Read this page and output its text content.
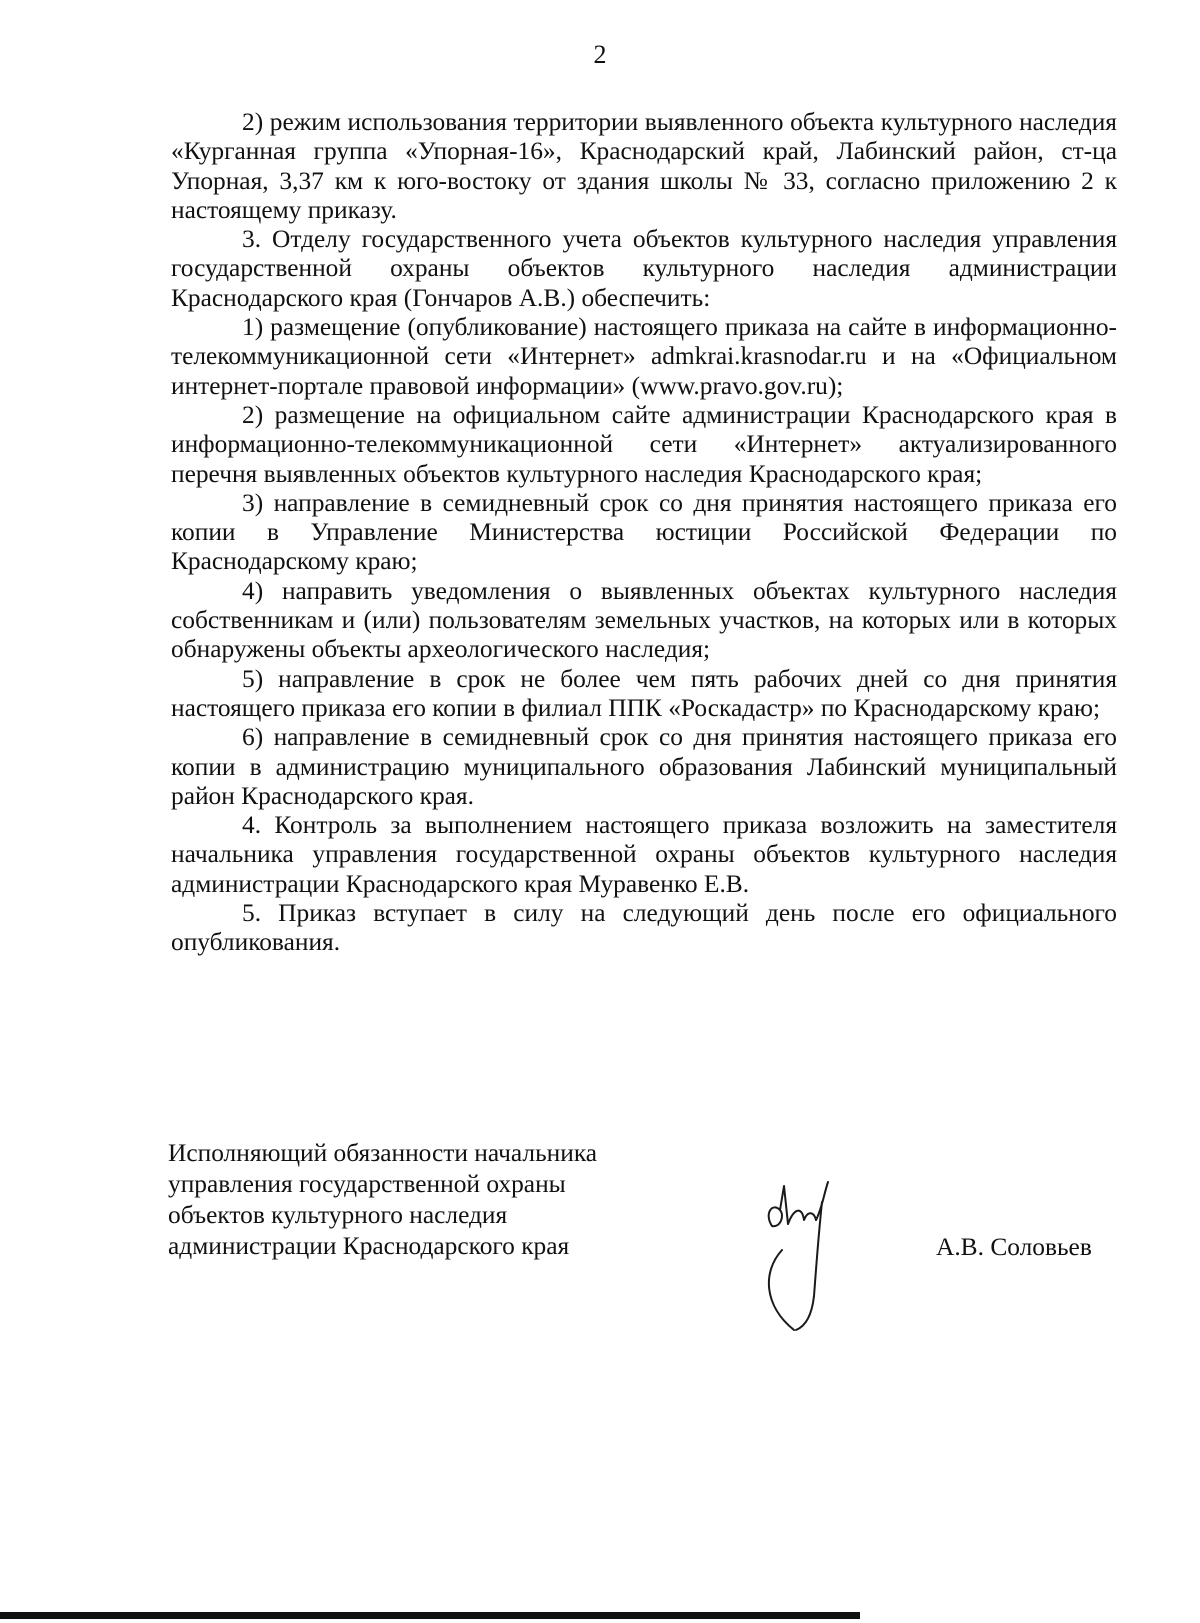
2

2) режим использования территории выявленного объекта культурного наследия «Курганная группа «Упорная-16», Краснодарский край, Лабинский район, ст-ца Упорная, 3,37 км к юго-востоку от здания школы № 33, согласно приложению 2 к настоящему приказу.

3. Отделу государственного учета объектов культурного наследия управления государственной охраны объектов культурного наследия администрации Краснодарского края (Гончаров А.В.) обеспечить:

1) размещение (опубликование) настоящего приказа на сайте в информационно-телекоммуникационной сети «Интернет» admkrai.krasnodar.ru и на «Официальном интернет-портале правовой информации» (www.pravo.gov.ru);

2) размещение на официальном сайте администрации Краснодарского края в информационно-телекоммуникационной сети «Интернет» актуализированного перечня выявленных объектов культурного наследия Краснодарского края;

3) направление в семидневный срок со дня принятия настоящего приказа его копии в Управление Министерства юстиции Российской Федерации по Краснодарскому краю;

4) направить уведомления о выявленных объектах культурного наследия собственникам и (или) пользователям земельных участков, на которых или в которых обнаружены объекты археологического наследия;

5) направление в срок не более чем пять рабочих дней со дня принятия настоящего приказа его копии в филиал ППК «Роскадастр» по Краснодарскому краю;

6) направление в семидневный срок со дня принятия настоящего приказа его копии в администрацию муниципального образования Лабинский муниципальный район Краснодарского края.

4. Контроль за выполнением настоящего приказа возложить на заместителя начальника управления государственной охраны объектов культурного наследия администрации Краснодарского края Муравенко Е.В.

5. Приказ вступает в силу на следующий день после его официального опубликования.

Исполняющий обязанности начальника
управления государственной охраны
объектов культурного наследия
администрации Краснодарского края	А.В. Соловьев
